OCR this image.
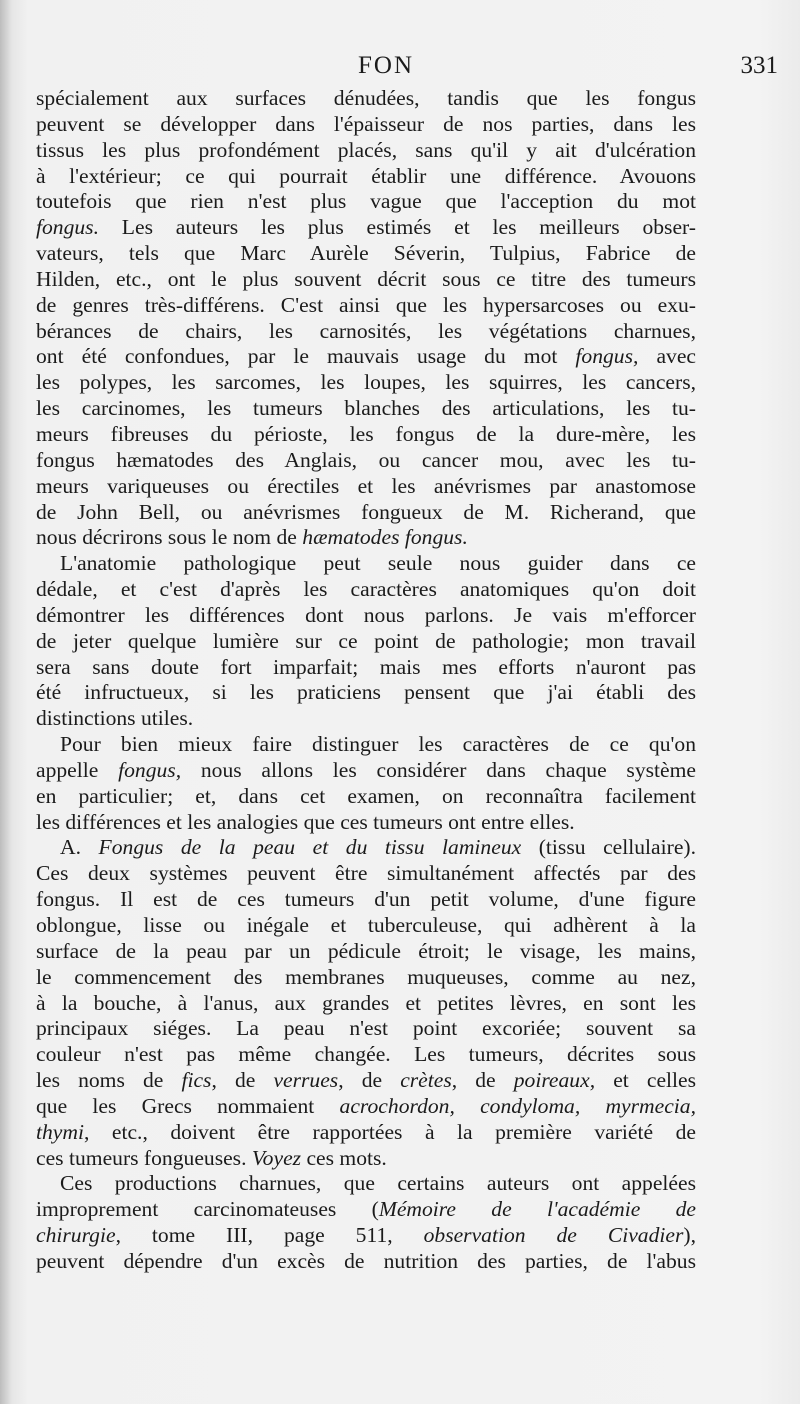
FON	331
spécialement aux surfaces dénudées, tandis que les fongus
peuvent se développer dans l'épaisseur de nos parties, dans les
tissus les plus profondément placés, sans qu'il y ait d'ulcération
à l'extérieur; ce qui pourrait établir une différence. Avouons
toutefois que rien n'est plus vague que l'acception du mot
fongus. Les auteurs les plus estimés et les meilleurs obser-
vateurs, tels que Marc Aurèle Séverin, Tulpius, Fabrice de
Hilden, etc., ont le plus souvent décrit sous ce titre des tumeurs
de genres très-différens. C'est ainsi que les hypersarcoses ou exu-
bérances de chairs, les carnosités, les végétations charnues,
ont été confondues, par le mauvais usage du mot fongus, avec
les polypes, les sarcomes, les loupes, les squirres, les cancers,
les carcinomes, les tumeurs blanches des articulations, les tu-
meurs fibreuses du périoste, les fongus de la dure-mère, les
fongus hæmatodes des Anglais, ou cancer mou, avec les tu-
meurs variqueuses ou érectiles et les anévrismes par anastomose
de John Bell, ou anévrismes fongueux de M. Richerand, que
nous décrirons sous le nom de hæmatodes fongus.
L'anatomie pathologique peut seule nous guider dans ce
dédale, et c'est d'après les caractères anatomiques qu'on doit
démontrer les différences dont nous parlons. Je vais m'efforcer
de jeter quelque lumière sur ce point de pathologie; mon travail
sera sans doute fort imparfait; mais mes efforts n'auront pas
été infructueux, si les praticiens pensent que j'ai établi des
distinctions utiles.
Pour bien mieux faire distinguer les caractères de ce qu'on
appelle fongus, nous allons les considérer dans chaque système
en particulier; et, dans cet examen, on reconnaîtra facilement
les différences et les analogies que ces tumeurs ont entre elles.
A. Fongus de la peau et du tissu lamineux (tissu cellulaire).
Ces deux systèmes peuvent être simultanément affectés par des
fongus. Il est de ces tumeurs d'un petit volume, d'une figure
oblongue, lisse ou inégale et tuberculeuse, qui adhèrent à la
surface de la peau par un pédicule étroit; le visage, les mains,
le commencement des membranes muqueuses, comme au nez,
à la bouche, à l'anus, aux grandes et petites lèvres, en sont les
principaux siéges. La peau n'est point excoriée; souvent sa
couleur n'est pas même changée. Les tumeurs, décrites sous
les noms de fics, de verrues, de crètes, de poireaux, et celles
que les Grecs nommaient acrochordon, condyloma, myrmecia,
thymi, etc., doivent être rapportées à la première variété de
ces tumeurs fongueuses. Voyez ces mots.
Ces productions charnues, que certains auteurs ont appelées
improprement carcinomateuses (Mémoire de l'académie de
chirurgie, tome III, page 511, observation de Civadier),
peuvent dépendre d'un excès de nutrition des parties, de l'abus
